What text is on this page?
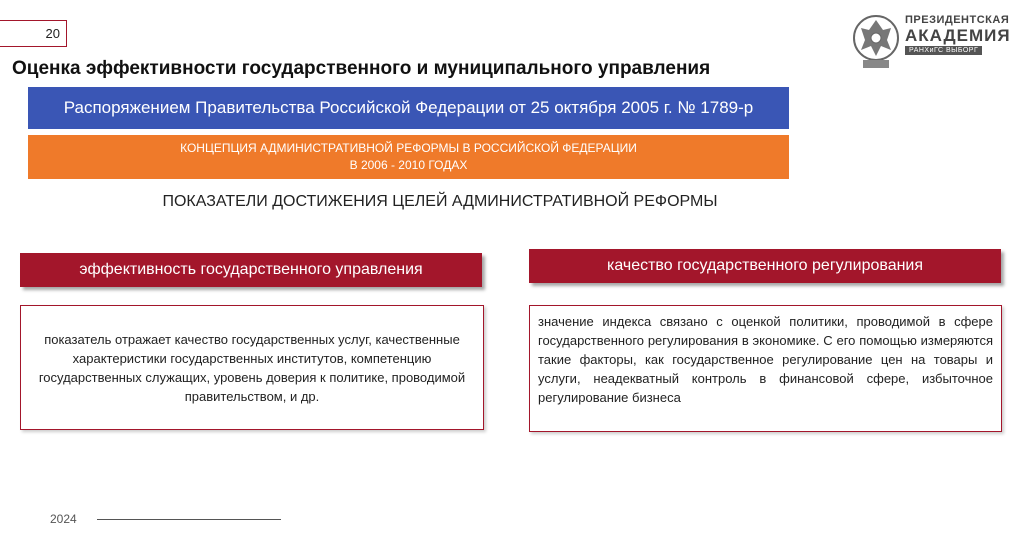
20
Оценка эффективности государственного и муниципального управления
ПРЕЗИДЕНТСКАЯ
АКАДЕМИЯ
РАНХиГС ВЫБОРГ
Распоряжением Правительства Российской Федерации от 25 октября 2005 г. № 1789-р
КОНЦЕПЦИЯ АДМИНИСТРАТИВНОЙ РЕФОРМЫ В РОССИЙСКОЙ ФЕДЕРАЦИИ
В 2006 - 2010 ГОДАХ
ПОКАЗАТЕЛИ ДОСТИЖЕНИЯ ЦЕЛЕЙ АДМИНИСТРАТИВНОЙ РЕФОРМЫ
эффективность государственного управления	качество государственного регулирования

показатель отражает качество государственных услуг, качественные характеристики государственных институтов, компетенцию государственных служащих, уровень доверия к политике, проводимой правительством, и др.

значение индекса связано с оценкой политики, проводимой в сфере государственного регулирования в экономике. С его помощью измеряются такие факторы, как государственное регулирование цен на товары и услуги, неадекватный контроль в финансовой сфере, избыточное регулирование бизнеса

2024
